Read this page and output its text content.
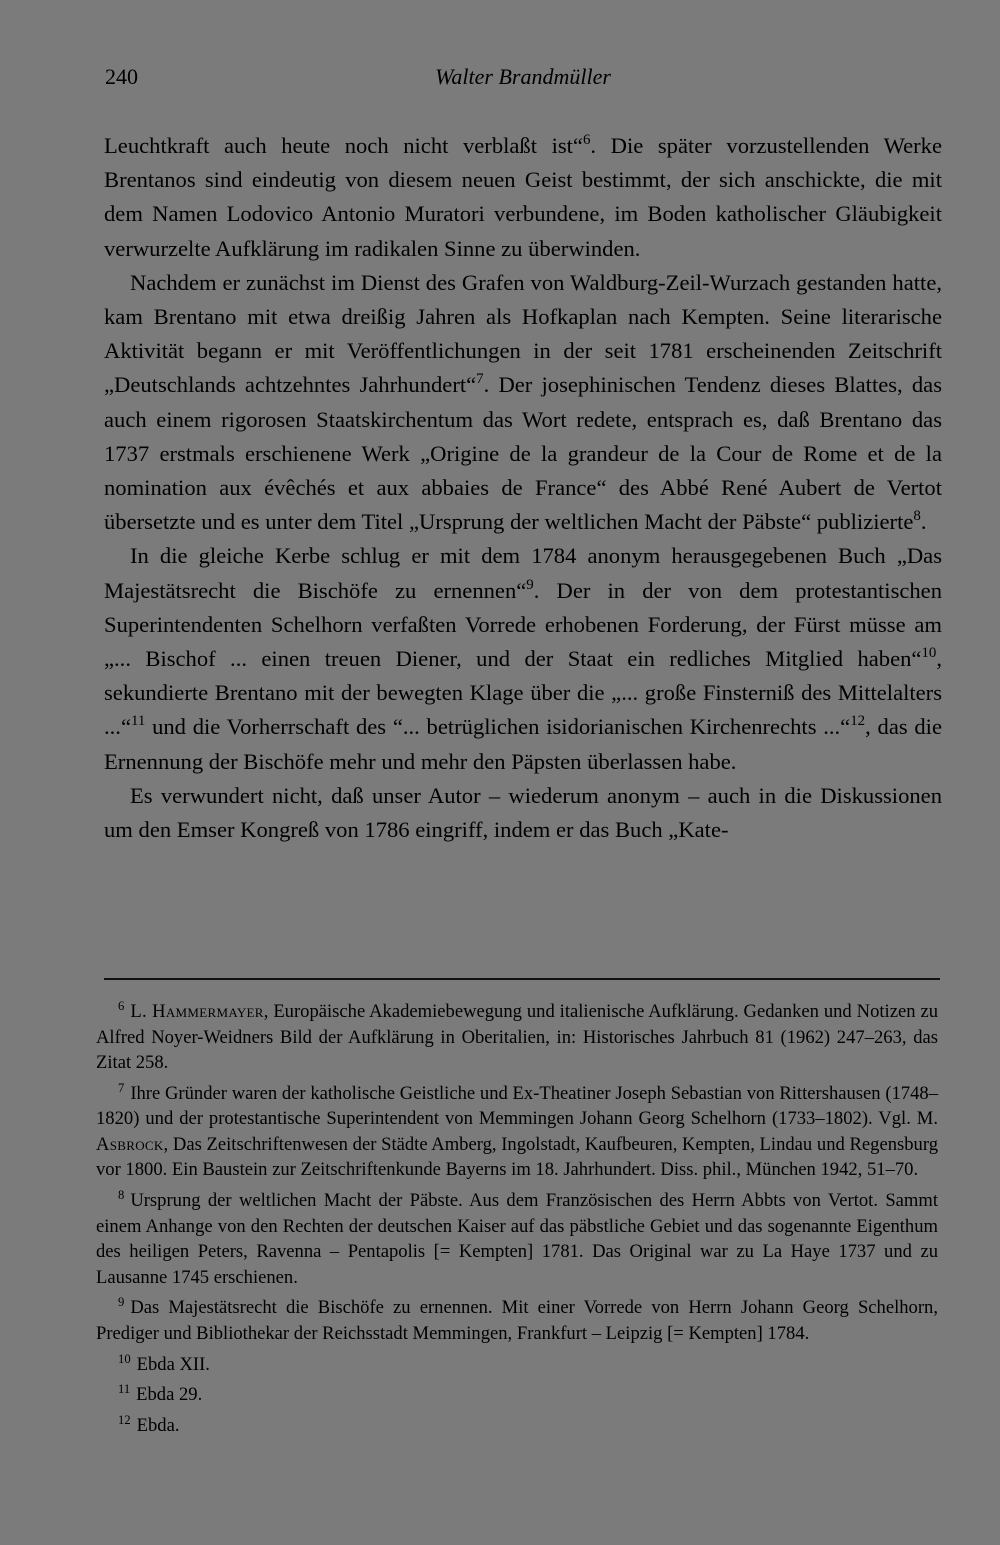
240	Walter Brandmüller

Leuchtkraft auch heute noch nicht verblaßt ist“$^6$. Die später vorzustellenden Werke Brentanos sind eindeutig von diesem neuen Geist bestimmt, der sich anschickte, die mit dem Namen Lodovico Antonio Muratori verbundene, im Boden katholischer Gläubigkeit verwurzelte Aufklärung im radikalen Sinne zu überwinden.

Nachdem er zunächst im Dienst des Grafen von Waldburg-Zeil-Wurzach gestanden hatte, kam Brentano mit etwa dreißig Jahren als Hofkaplan nach Kempten. Seine literarische Aktivität begann er mit Veröffentlichungen in der seit 1781 erscheinenden Zeitschrift „Deutschlands achtzehntes Jahrhundert“$^7$. Der josephinischen Tendenz dieses Blattes, das auch einem rigorosen Staatskirchentum das Wort redete, entsprach es, daß Brentano das 1737 erstmals erschienene Werk „Origine de la grandeur de la Cour de Rome et de la nomination aux évêchés et aux abbaies de France“ des Abbé René Aubert de Vertot übersetzte und es unter dem Titel „Ursprung der weltlichen Macht der Päbste“ publizierte$^8$.

In die gleiche Kerbe schlug er mit dem 1784 anonym herausgegebenen Buch „Das Majestätsrecht die Bischöfe zu ernennen“$^9$. Der in der von dem protestantischen Superintendenten Schelhorn verfaßten Vorrede erhobenen Forderung, der Fürst müsse am „... Bischof ... einen treuen Diener, und der Staat ein redliches Mitglied haben“$^{10}$, sekundierte Brentano mit der bewegten Klage über die „... große Finsterniß des Mittelalters ...“$^{11}$ und die Vorherrschaft des “... betrüglichen isidorianischen Kirchenrechts ...“$^{12}$, das die Ernennung der Bischöfe mehr und mehr den Päpsten überlassen habe.

Es verwundert nicht, daß unser Autor – wiederum anonym – auch in die Diskussionen um den Emser Kongreß von 1786 eingriff, indem er das Buch „Kate-

$^6$ L. Hammermayer, Europäische Akademiebewegung und italienische Aufklärung. Gedanken und Notizen zu Alfred Noyer-Weidners Bild der Aufklärung in Oberitalien, in: Historisches Jahrbuch 81 (1962) 247–263, das Zitat 258.

$^7$ Ihre Gründer waren der katholische Geistliche und Ex-Theatiner Joseph Sebastian von Rittershausen (1748–1820) und der protestantische Superintendent von Memmingen Johann Georg Schelhorn (1733–1802). Vgl. M. Asbrock, Das Zeitschriftenwesen der Städte Amberg, Ingolstadt, Kaufbeuren, Kempten, Lindau und Regensburg vor 1800. Ein Baustein zur Zeitschriftenkunde Bayerns im 18. Jahrhundert. Diss. phil., München 1942, 51–70.

$^8$ Ursprung der weltlichen Macht der Päbste. Aus dem Französischen des Herrn Abbts von Vertot. Sammt einem Anhange von den Rechten der deutschen Kaiser auf das päbstliche Gebiet und das sogenannte Eigenthum des heiligen Peters, Ravenna – Pentapolis [= Kempten] 1781. Das Original war zu La Haye 1737 und zu Lausanne 1745 erschienen.

$^9$ Das Majestätsrecht die Bischöfe zu ernennen. Mit einer Vorrede von Herrn Johann Georg Schelhorn, Prediger und Bibliothekar der Reichsstadt Memmingen, Frankfurt – Leipzig [= Kempten] 1784.

$^{10}$ Ebda XII.

$^{11}$ Ebda 29.

$^{12}$ Ebda.
